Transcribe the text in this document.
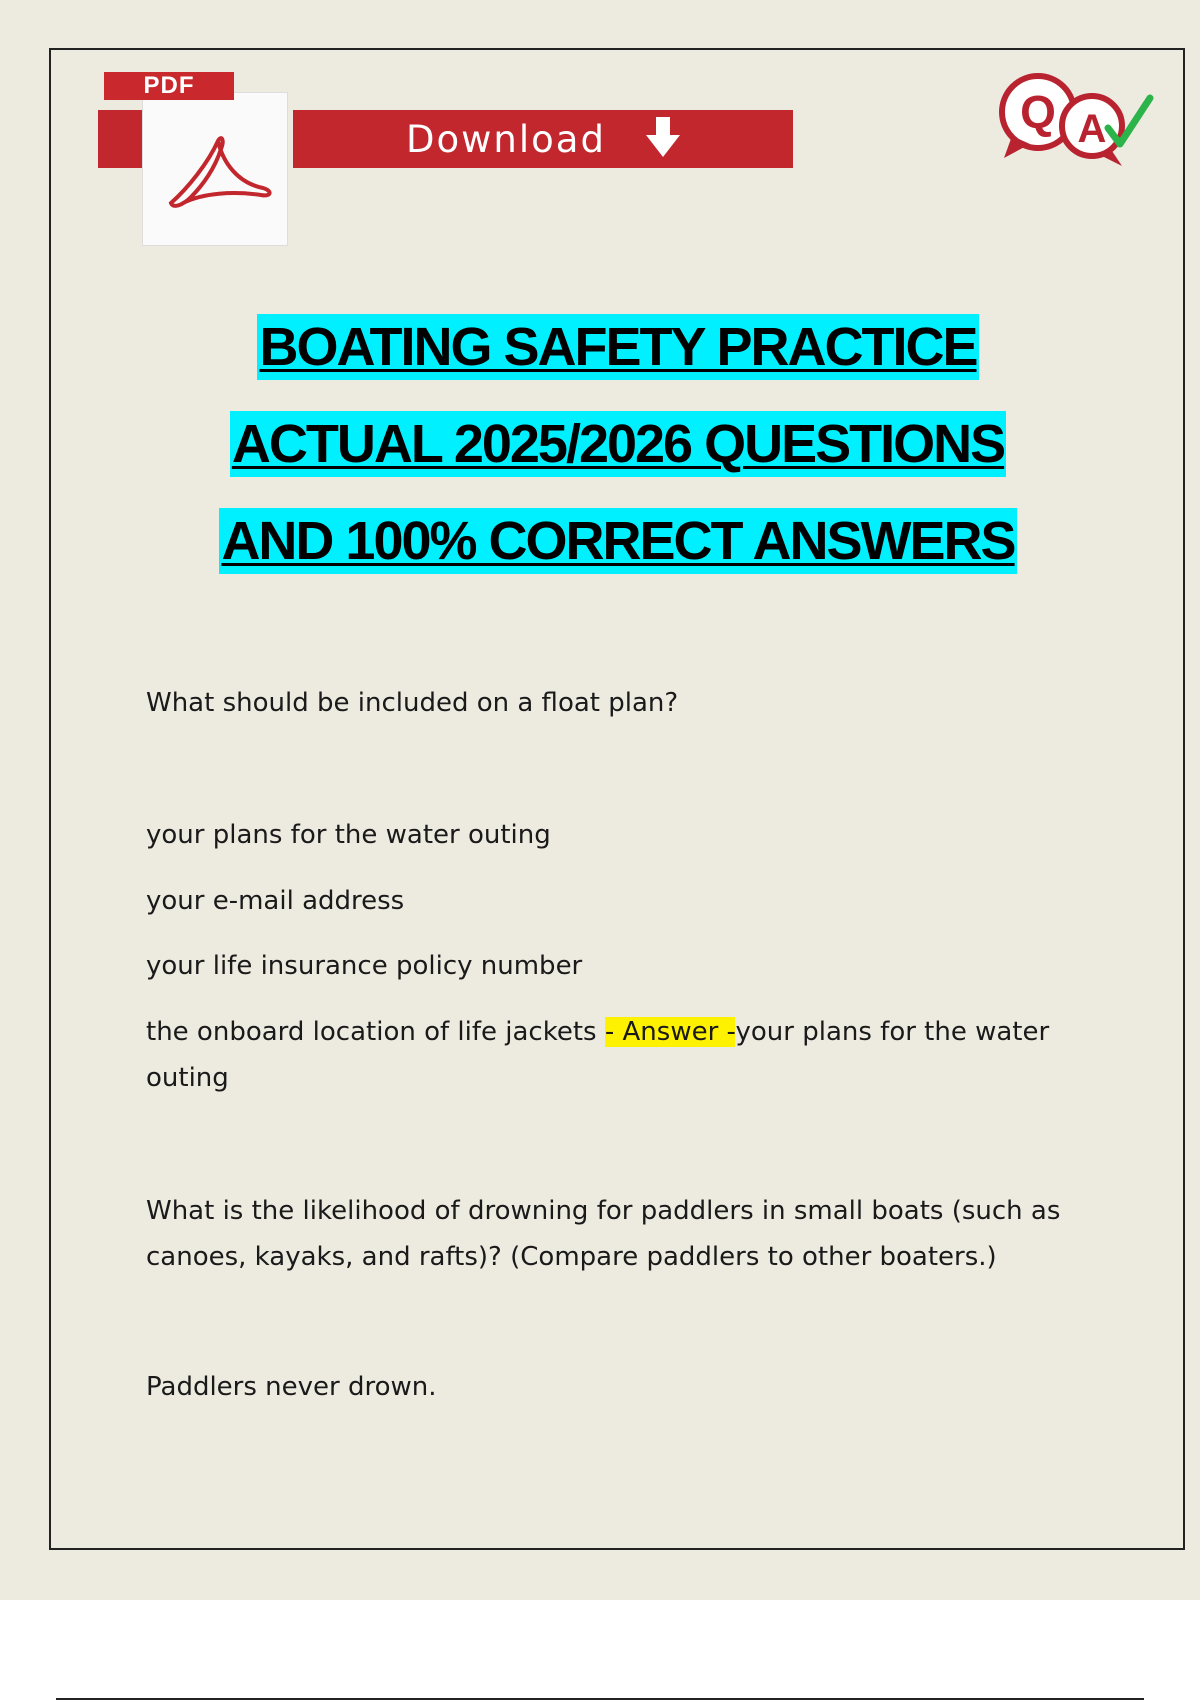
PDF
Download
Q A
BOATING SAFETY PRACTICE
ACTUAL 2025/2026 QUESTIONS
AND 100% CORRECT ANSWERS
What should be included on a float plan?
your plans for the water outing
your e-mail address
your life insurance policy number
the onboard location of life jackets - Answer -your plans for the water outing
What is the likelihood of drowning for paddlers in small boats (such as canoes, kayaks, and rafts)? (Compare paddlers to other boaters.)
Paddlers never drown.
